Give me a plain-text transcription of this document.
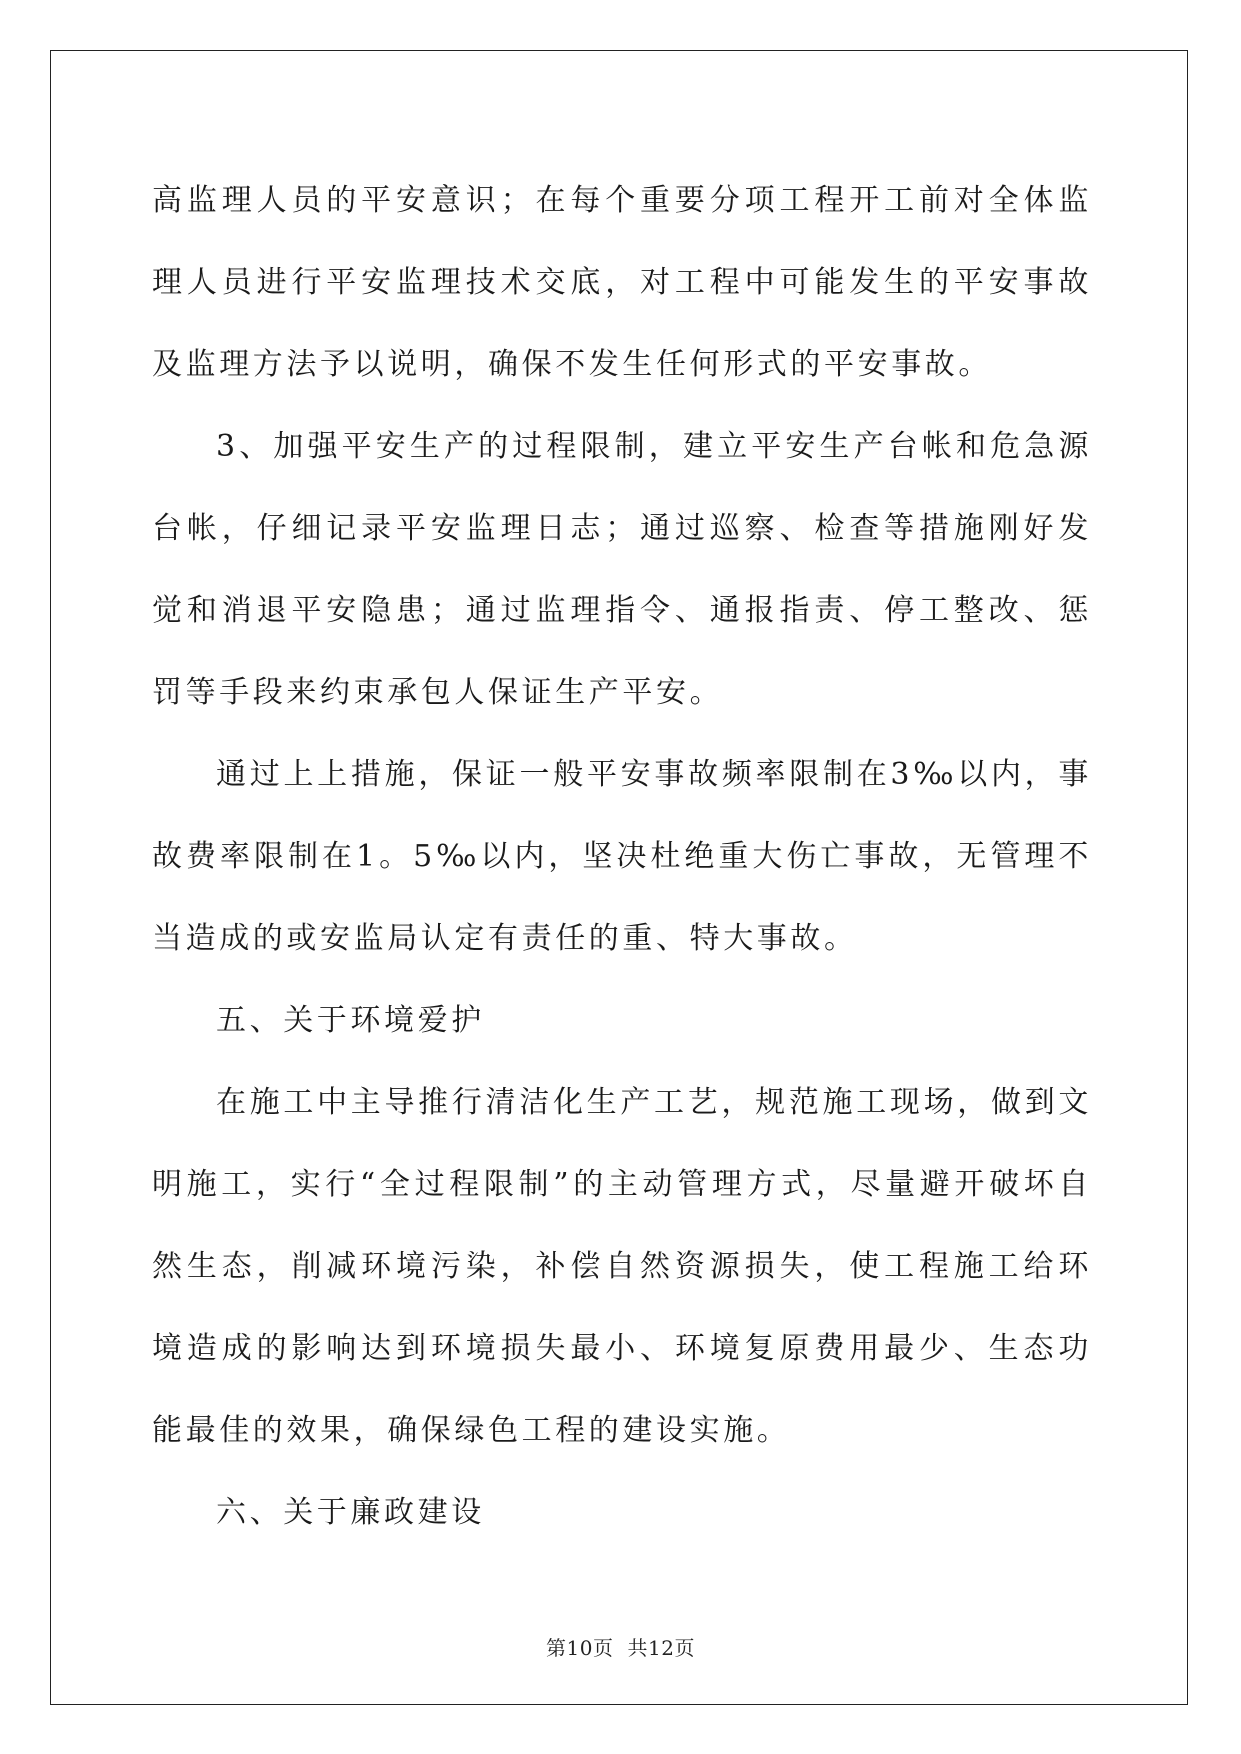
高监理人员的平安意识；在每个重要分项工程开工前对全体监理人员进行平安监理技术交底，对工程中可能发生的平安事故及监理方法予以说明，确保不发生任何形式的平安事故。

3、加强平安生产的过程限制，建立平安生产台帐和危急源台帐，仔细记录平安监理日志；通过巡察、检查等措施刚好发觉和消退平安隐患；通过监理指令、通报指责、停工整改、惩罚等手段来约束承包人保证生产平安。

通过上上措施，保证一般平安事故频率限制在3‰以内，事故费率限制在1。5‰以内，坚决杜绝重大伤亡事故，无管理不当造成的或安监局认定有责任的重、特大事故。

五、关于环境爱护

在施工中主导推行清洁化生产工艺，规范施工现场，做到文明施工，实行“全过程限制”的主动管理方式，尽量避开破坏自然生态，削减环境污染，补偿自然资源损失，使工程施工给环境造成的影响达到环境损失最小、环境复原费用最少、生态功能最佳的效果，确保绿色工程的建设实施。

六、关于廉政建设

第10页 共12页
